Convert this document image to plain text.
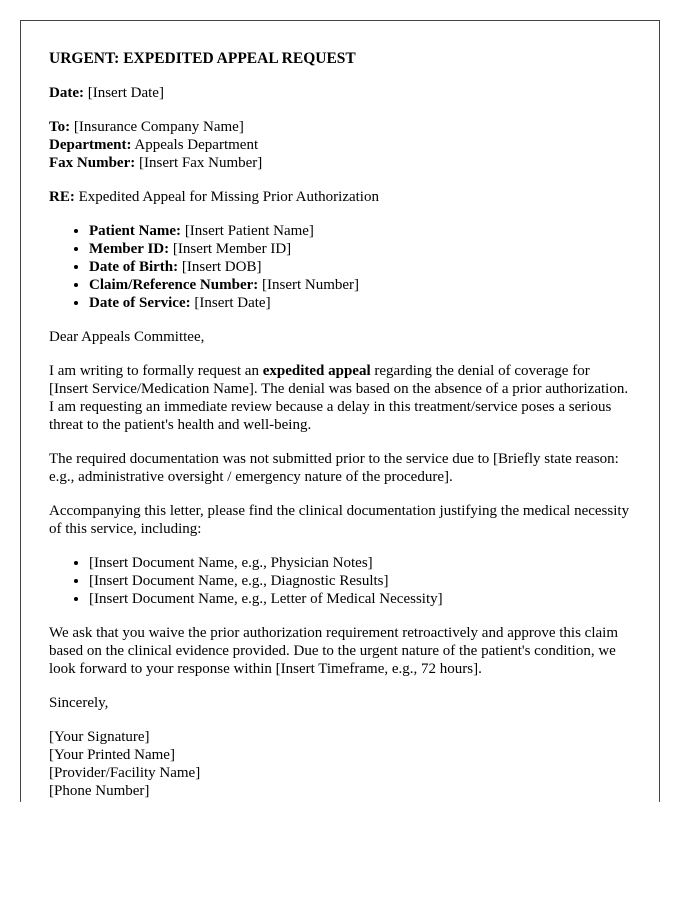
URGENT: EXPEDITED APPEAL REQUEST

Date: [Insert Date]

To: [Insurance Company Name]

Department: Appeals Department

Fax Number: [Insert Fax Number]

RE: Expedited Appeal for Missing Prior Authorization

• Patient Name: [Insert Patient Name]
• Member ID: [Insert Member ID]
• Date of Birth: [Insert DOB]
• Claim/Reference Number: [Insert Number]
• Date of Service: [Insert Date]

Dear Appeals Committee,

I am writing to formally request an expedited appeal regarding the denial of coverage for [Insert Service/Medication Name]. The denial was based on the absence of a prior authorization. I am requesting an immediate review because a delay in this treatment/service poses a serious threat to the patient's health and well-being.

The required documentation was not submitted prior to the service due to [Briefly state reason: e.g., administrative oversight / emergency nature of the procedure].

Accompanying this letter, please find the clinical documentation justifying the medical necessity of this service, including:

• [Insert Document Name, e.g., Physician Notes]
• [Insert Document Name, e.g., Diagnostic Results]
• [Insert Document Name, e.g., Letter of Medical Necessity]

We ask that you waive the prior authorization requirement retroactively and approve this claim based on the clinical evidence provided. Due to the urgent nature of the patient's condition, we look forward to your response within [Insert Timeframe, e.g., 72 hours].

Sincerely,

[Your Signature]

[Your Printed Name]

[Provider/Facility Name]

[Phone Number]
